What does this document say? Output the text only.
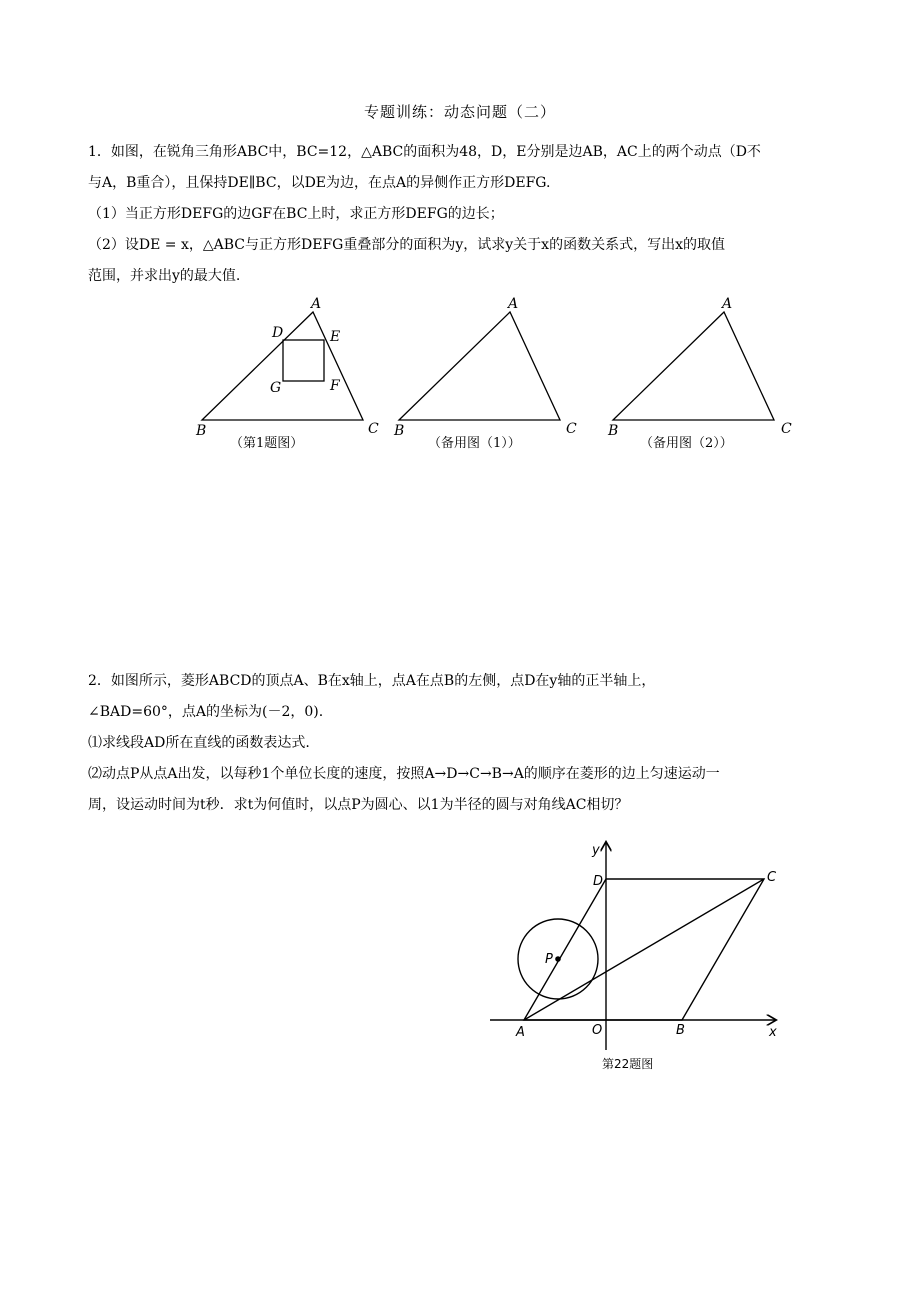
专题训练：动态问题（二）
1．如图，在锐角三角形ABC中，BC=12，△ABC的面积为48，D，E分别是边AB，AC上的两个动点（D不
与A，B重合），且保持DE∥BC，以DE为边，在点A的异侧作正方形DEFG.
（1）当正方形DEFG的边GF在BC上时，求正方形DEFG的边长；
（2）设DE = x，△ABC与正方形DEFG重叠部分的面积为y，试求y关于x的函数关系式，写出x的取值
范围，并求出y的最大值.
A
D	E
G	F
B	C
（第1题图）
A
B	C
（备用图（1））
A
B	C
（备用图（2））
2．如图所示，菱形ABCD的顶点A、B在x轴上，点A在点B的左侧，点D在y轴的正半轴上，
∠BAD=60°，点A的坐标为(－2，0).
⑴求线段AD所在直线的函数表达式.
⑵动点P从点A出发，以每秒1个单位长度的速度，按照A→D→C→B→A的顺序在菱形的边上匀速运动一
周，设运动时间为t秒．求t为何值时，以点P为圆心、以1为半径的圆与对角线AC相切？
y
x
D	C
P
A	O	B
第22题图
